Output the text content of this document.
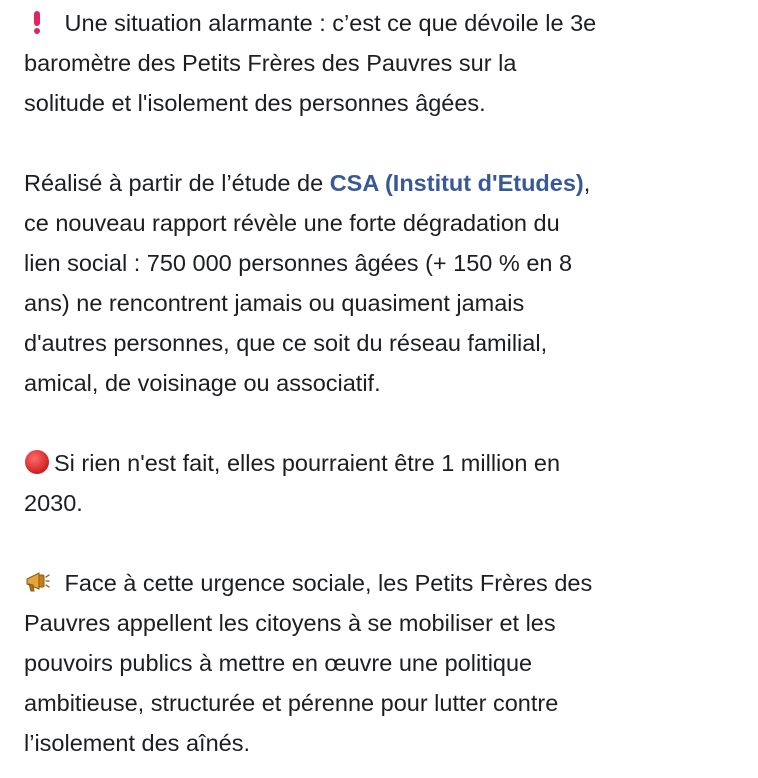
Une situation alarmante : c’est ce que dévoile le 3e
baromètre des Petits Frères des Pauvres sur la
solitude et l'isolement des personnes âgées.

Réalisé à partir de l’étude de CSA (Institut d'Etudes),
ce nouveau rapport révèle une forte dégradation du
lien social : 750 000 personnes âgées (+ 150 % en 8
ans) ne rencontrent jamais ou quasiment jamais
d'autres personnes, que ce soit du réseau familial,
amical, de voisinage ou associatif.

Si rien n'est fait, elles pourraient être 1 million en
2030.

Face à cette urgence sociale, les Petits Frères des
Pauvres appellent les citoyens à se mobiliser et les
pouvoirs publics à mettre en œuvre une politique
ambitieuse, structurée et pérenne pour lutter contre
l’isolement des aînés.
